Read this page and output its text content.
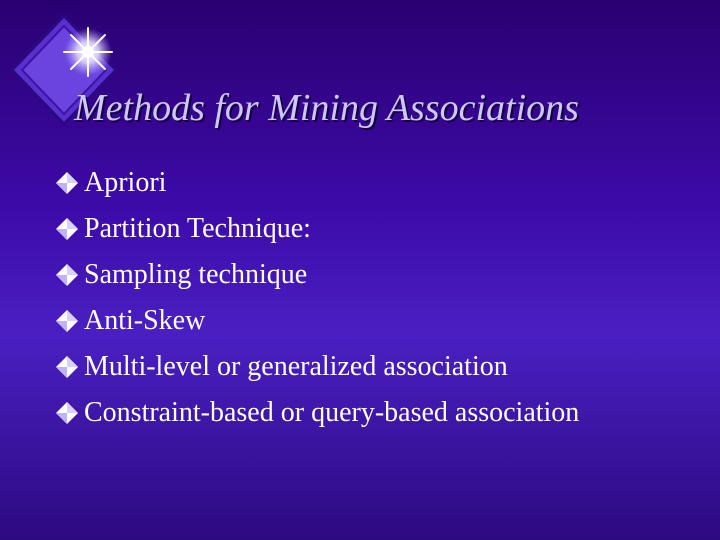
Methods for Mining Associations
Apriori
Partition Technique:
Sampling technique
Anti-Skew
Multi-level or generalized association
Constraint-based or query-based association
